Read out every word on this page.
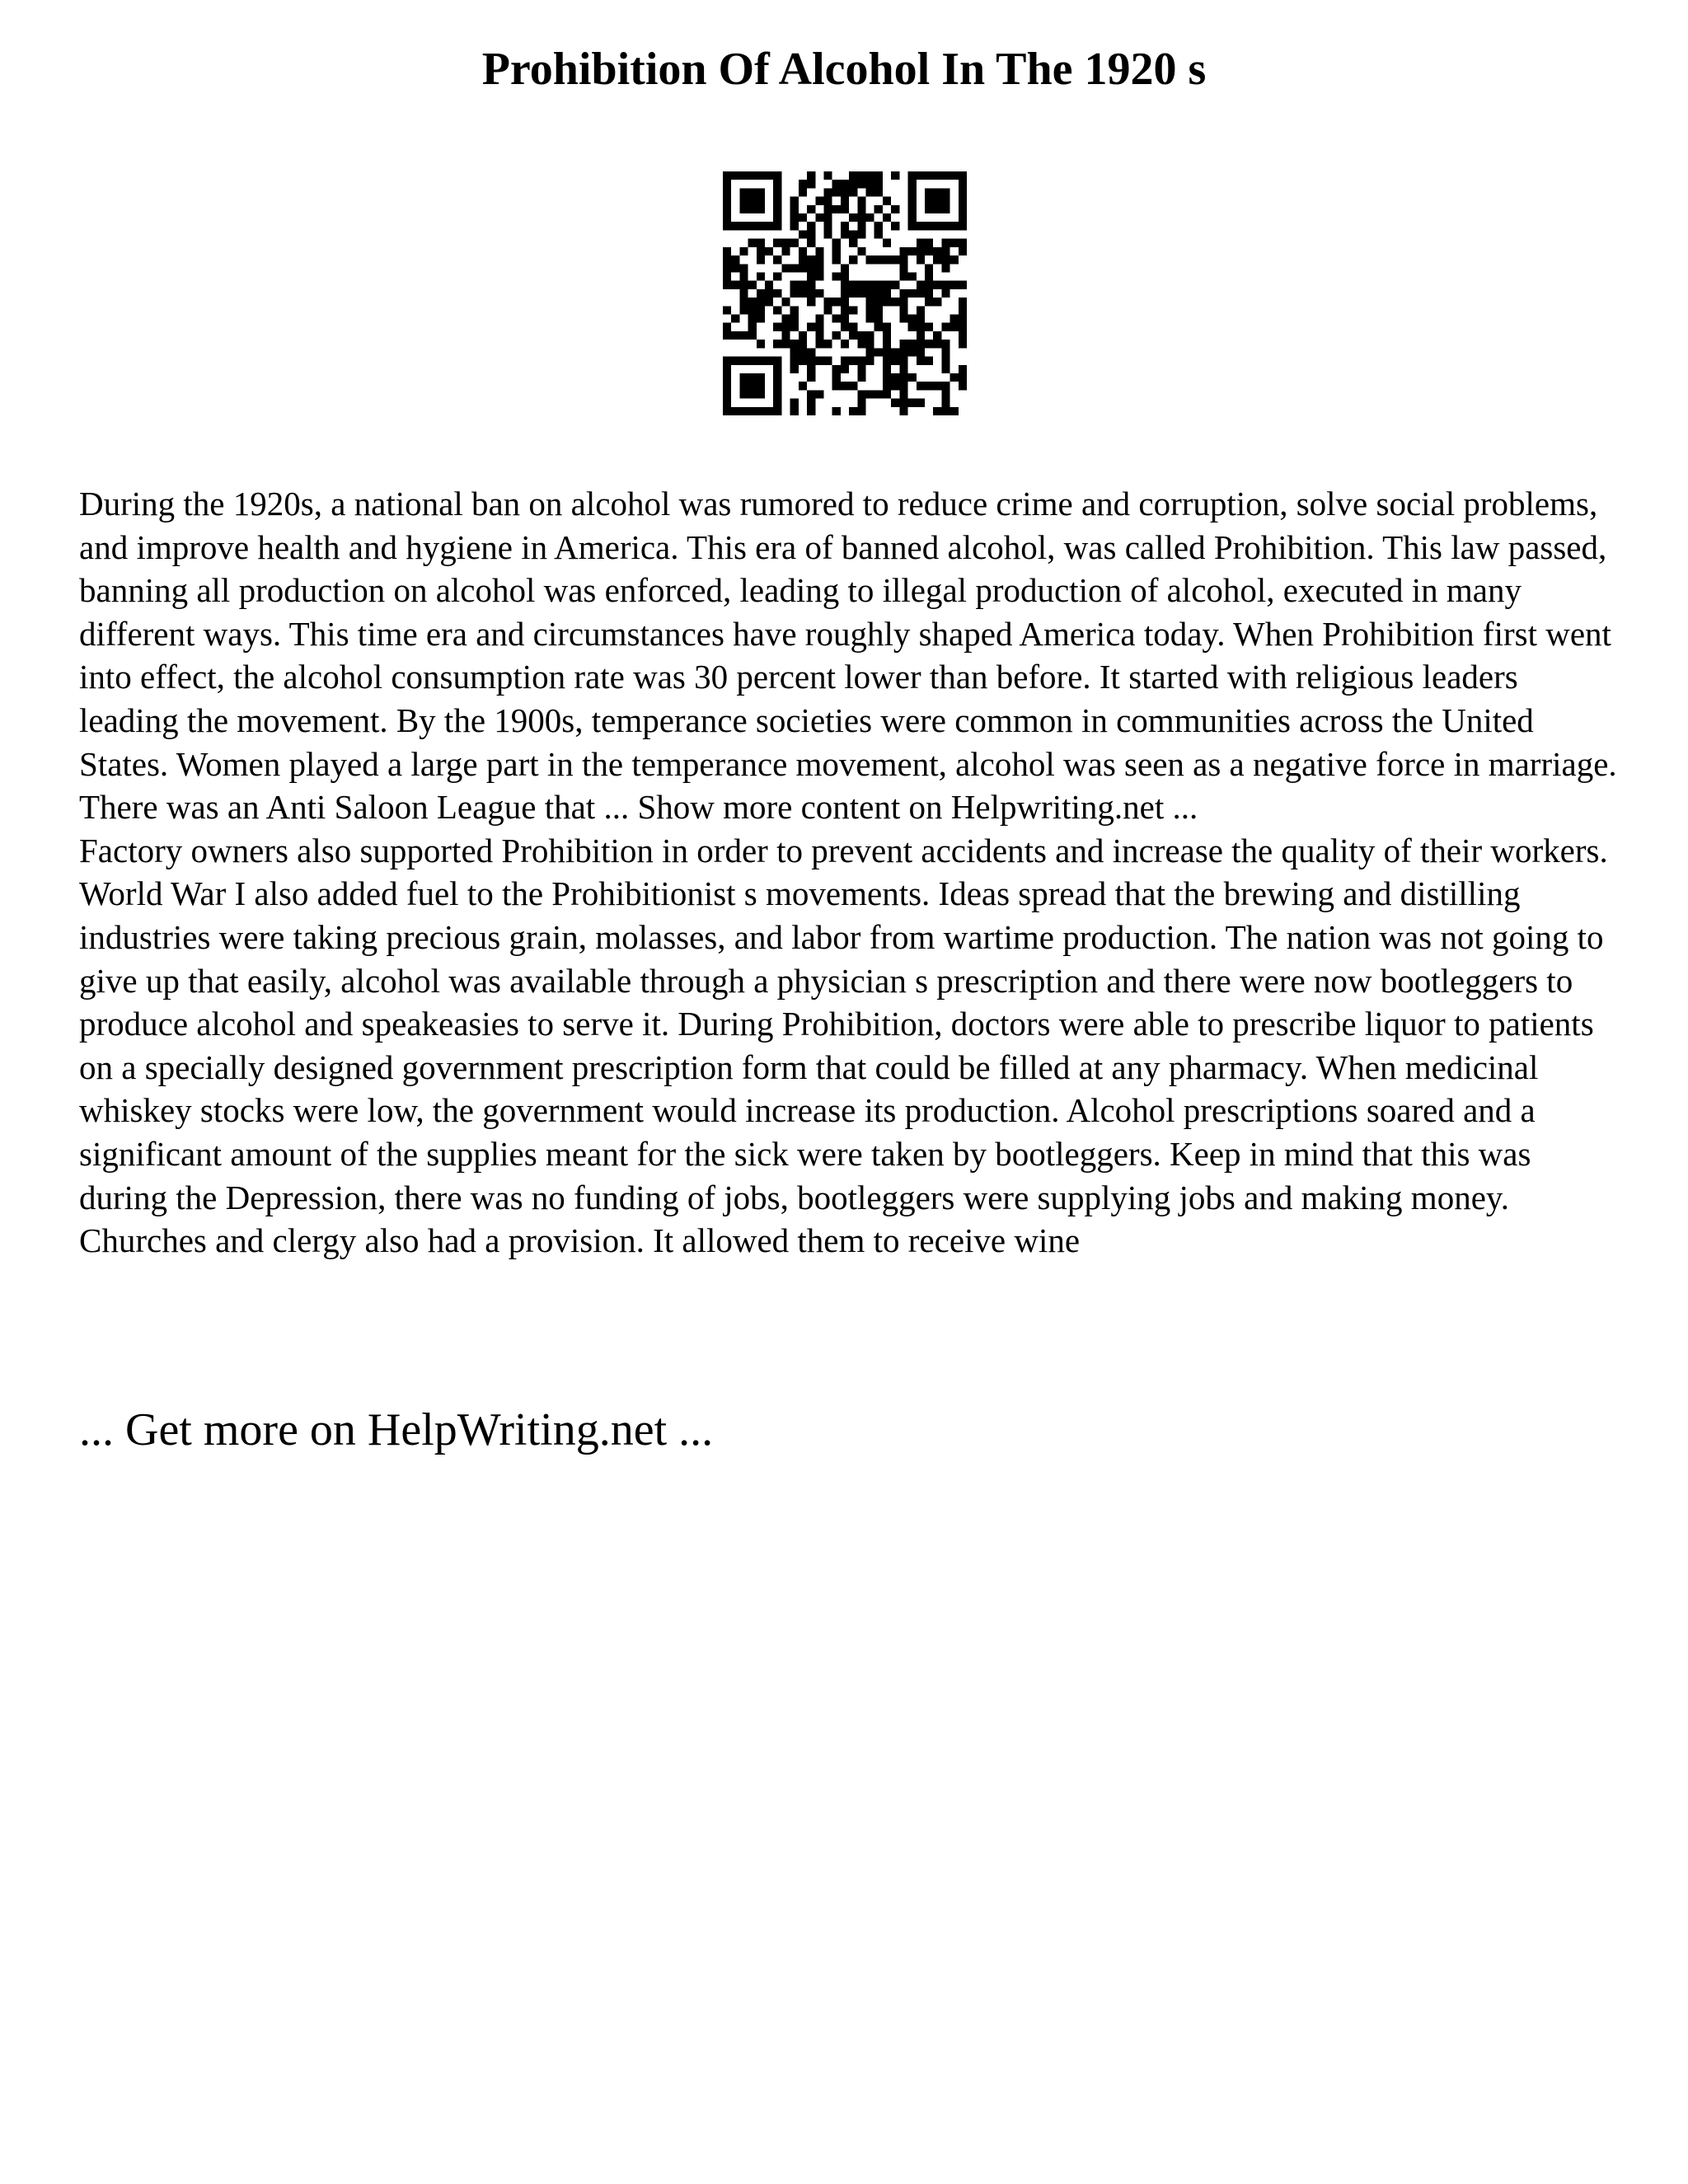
Prohibition Of Alcohol In The 1920 s

During the 1920s, a national ban on alcohol was rumored to reduce crime and corruption, solve social problems, and improve health and hygiene in America. This era of banned alcohol, was called Prohibition. This law passed, banning all production on alcohol was enforced, leading to illegal production of alcohol, executed in many different ways. This time era and circumstances have roughly shaped America today. When Prohibition first went into effect, the alcohol consumption rate was 30 percent lower than before. It started with religious leaders leading the movement. By the 1900s, temperance societies were common in communities across the United States. Women played a large part in the temperance movement, alcohol was seen as a negative force in marriage. There was an Anti Saloon League that ... Show more content on Helpwriting.net ...

Factory owners also supported Prohibition in order to prevent accidents and increase the quality of their workers. World War I also added fuel to the Prohibitionist s movements. Ideas spread that the brewing and distilling industries were taking precious grain, molasses, and labor from wartime production. The nation was not going to give up that easily, alcohol was available through a physician s prescription and there were now bootleggers to produce alcohol and speakeasies to serve it. During Prohibition, doctors were able to prescribe liquor to patients on a specially designed government prescription form that could be filled at any pharmacy. When medicinal whiskey stocks were low, the government would increase its production. Alcohol prescriptions soared and a significant amount of the supplies meant for the sick were taken by bootleggers. Keep in mind that this was during the Depression, there was no funding of jobs, bootleggers were supplying jobs and making money. Churches and clergy also had a provision. It allowed them to receive wine

... Get more on HelpWriting.net ...
